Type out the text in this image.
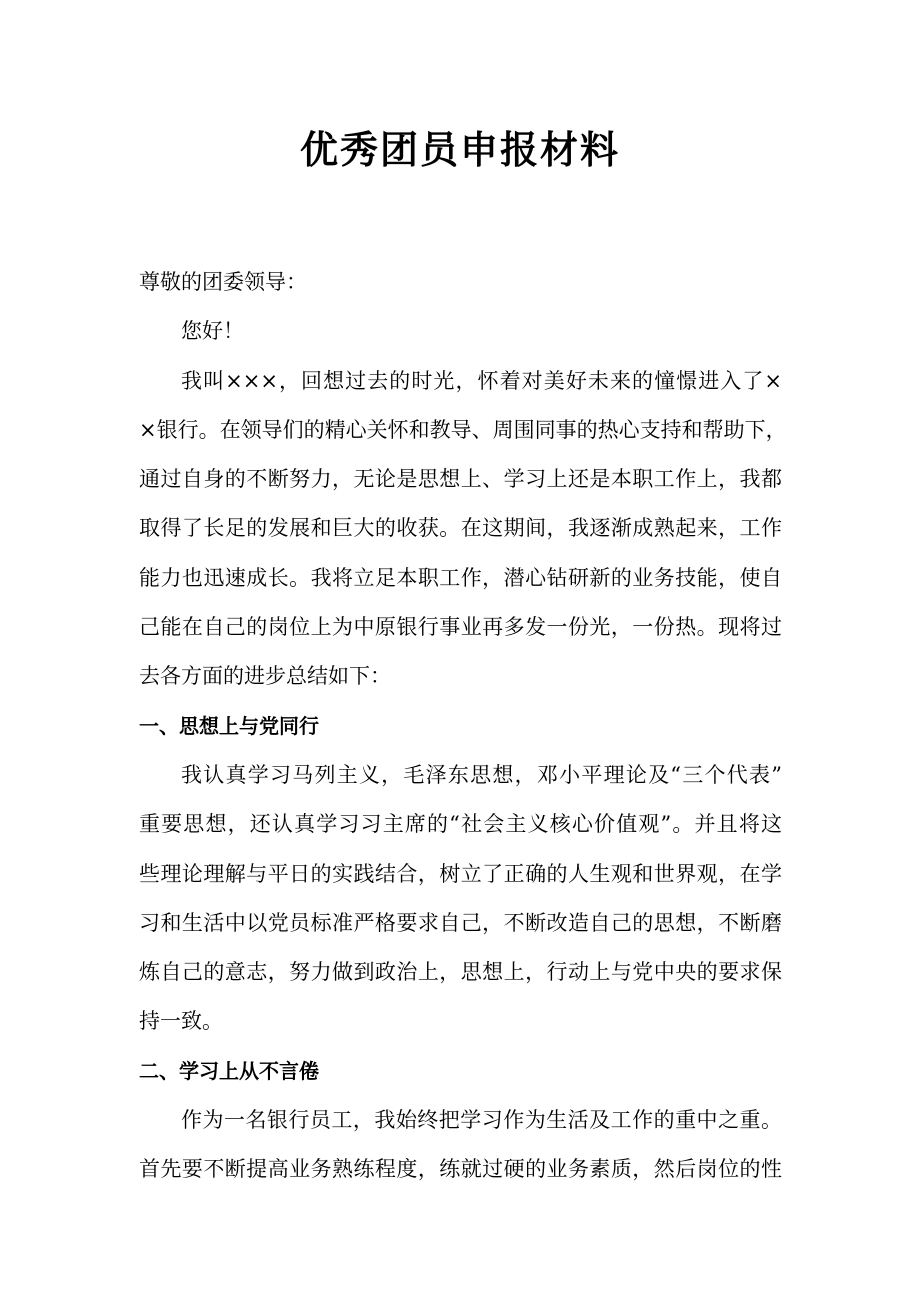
优秀团员申报材料
尊敬的团委领导：
您好！
我叫×××，回想过去的时光，怀着对美好未来的憧憬进入了×
×银行。在领导们的精心关怀和教导、周围同事的热心支持和帮助下，
通过自身的不断努力，无论是思想上、学习上还是本职工作上，我都
取得了长足的发展和巨大的收获。在这期间，我逐渐成熟起来，工作
能力也迅速成长。我将立足本职工作，潜心钻研新的业务技能，使自
己能在自己的岗位上为中原银行事业再多发一份光，一份热。现将过
去各方面的进步总结如下：
一、思想上与党同行
我认真学习马列主义，毛泽东思想，邓小平理论及“三个代表”
重要思想，还认真学习习主席的“社会主义核心价值观”。并且将这
些理论理解与平日的实践结合，树立了正确的人生观和世界观，在学
习和生活中以党员标准严格要求自己，不断改造自己的思想，不断磨
炼自己的意志，努力做到政治上，思想上，行动上与党中央的要求保
持一致。
二、学习上从不言倦
作为一名银行员工，我始终把学习作为生活及工作的重中之重。
首先要不断提高业务熟练程度，练就过硬的业务素质，然后岗位的性
